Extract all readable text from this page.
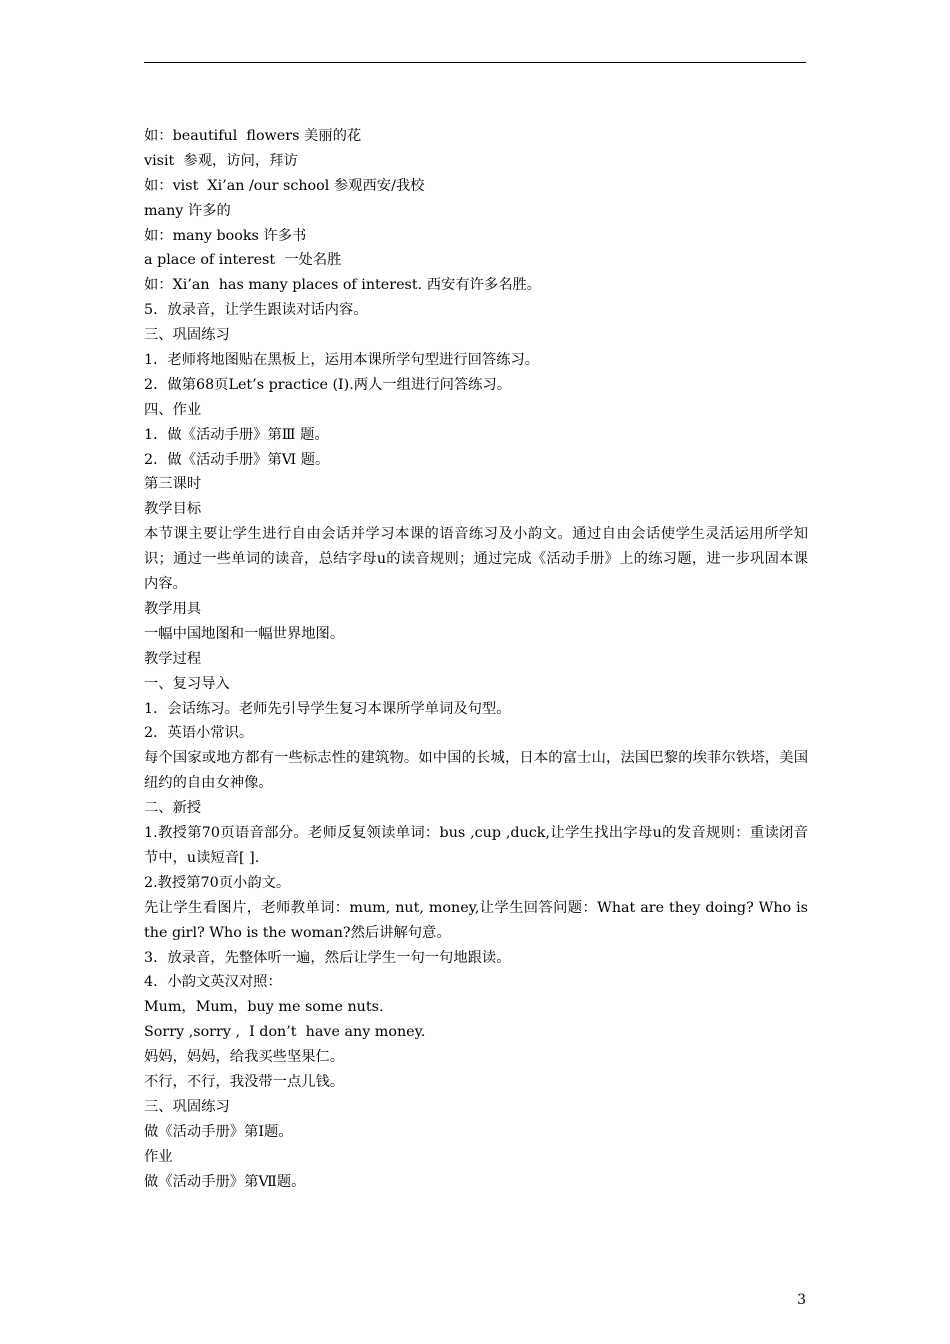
如：beautiful  flowers 美丽的花
visit  参观，访问，拜访
如：vist  Xi’an /our school 参观西安/我校
many 许多的
如：many books 许多书
a place of interest  一处名胜
如：Xi’an  has many places of interest. 西安有许多名胜。
5．放录音，让学生跟读对话内容。
三、巩固练习
1．老师将地图贴在黑板上，运用本课所学句型进行回答练习。
2．做第68页Let’s practice (I).两人一组进行问答练习。
四、作业
1．做《活动手册》第Ⅲ 题。
2．做《活动手册》第Ⅵ 题。
第三课时
教学目标
本节课主要让学生进行自由会话并学习本课的语音练习及小韵文。通过自由会话使学生灵活运用所学知识；通过一些单词的读音，总结字母u的读音规则；通过完成《活动手册》上的练习题，进一步巩固本课内容。
教学用具
一幅中国地图和一幅世界地图。
教学过程
一、复习导入
1．会话练习。老师先引导学生复习本课所学单词及句型。
2．英语小常识。
每个国家或地方都有一些标志性的建筑物。如中国的长城，日本的富士山，法国巴黎的埃菲尔铁塔，美国纽约的自由女神像。
二、新授
1.教授第70页语音部分。老师反复领读单词：bus ,cup ,duck,让学生找出字母u的发音规则：重读闭音节中，u读短音[ ].
2.教授第70页小韵文。
先让学生看图片，老师教单词：mum, nut, money,让学生回答问题：What are they doing? Who is the girl? Who is the woman?然后讲解句意。
3．放录音，先整体听一遍，然后让学生一句一句地跟读。
4．小韵文英汉对照：
Mum，Mum，buy me some nuts.
Sorry ,sorry ,  I don’t  have any money.
妈妈，妈妈，给我买些坚果仁。
不行，不行，我没带一点儿钱。
三、巩固练习
做《活动手册》第Ⅰ题。
作业
做《活动手册》第Ⅶ题。
3
